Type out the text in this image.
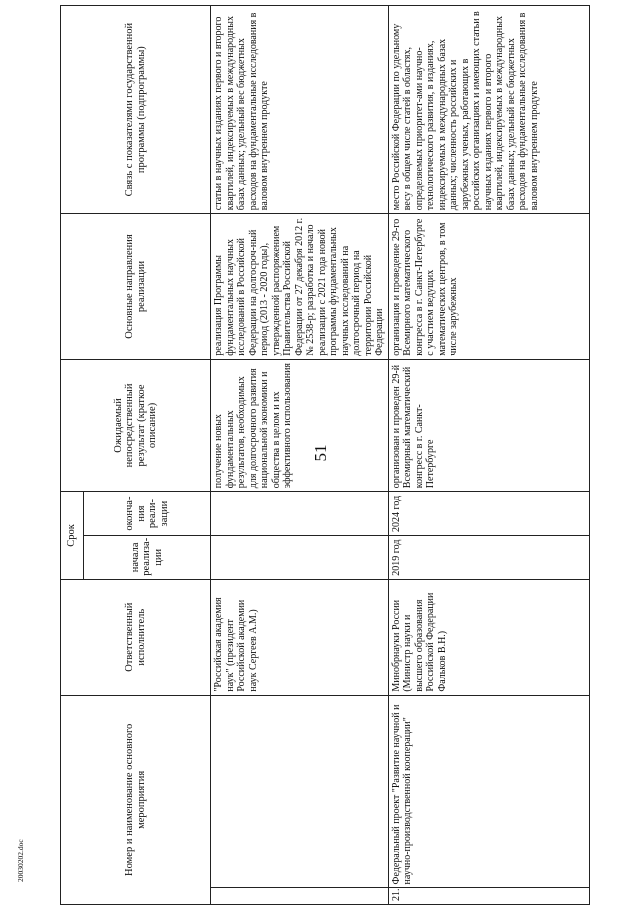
51
20030202.doc	Номер и наименование основного мероприятия		Ответственный исполнитель	Срок		Ожидаемый непосредственный результат (краткое описание)	Основные направления реализации	Связь с показателями государственной программы (подпрограммы)
			начала реализа-ции	оконча-ния реали-зации			
		"Российская академия наук" (президент Российской академии наук Сергеев А.М.)			получение новых фундаментальных результатов, необходимых для долгосрочного развития национальной экономики и общества в целом и их эффективного использования	реализация Программы фундаментальных научных исследований в Российской Федерации на долгосроч-ный период (2013 - 2020 годы), утвержденной распоряжением Правительства Российской Федерации от 27 декабря 2012 г. № 2538-р; разработка и начало реализации с 2021 года новой программы фундаментальных научных исследований на долгосрочный период на территории Российской Федерации	статьи в научных изданиях первого и второго квартилей, индексируемых в международных базах данных; удельный вес бюджетных расходов на фундаментальные исследования в валовом внутреннем продукте
21.	Федеральный проект "Развитие научной и научно-производственной кооперации"	Минобрнауки России (Министр науки и высшего образования Российской Федерации Фальков В.Н.)	2019 год	2024 год	организован и проведен 29-й Всемирный математический конгресс в г. Санкт-Петербурге	организация и проведение 29-го Всемирного математического конгресса в г. Санкт-Петербурге с участием ведущих математических центров, в том числе зарубежных	место Российской Федерации по удельному весу в общем числе статей в областях, определяемых приоритет-ами научно-технологического развития, в изданиях, индексируемых в международных базах данных; численность российских и зарубежных ученых, работающих в российских организациях и имеющих статьи в научных изданиях первого и второго квартилей, индексируемых в международных базах данных; удельный вес бюджетных расходов на фундаментальные исследования в валовом внутреннем продукте
